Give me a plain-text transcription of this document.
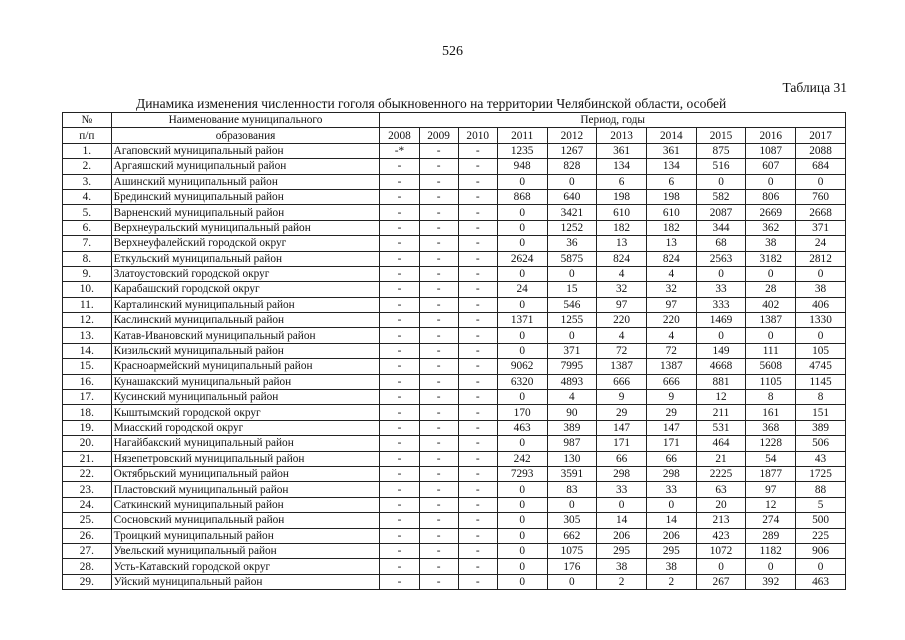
526
Таблица 31
Динамика изменения численности гоголя обыкновенного на территории Челябинской области, особей
№	Наименование муниципального	Период, годы									
п/п	образования	2008	2009	2010	2011	2012	2013	2014	2015	2016	2017
1.	Агаповский муниципальный район	-*	-	-	1235	1267	361	361	875	1087	2088
2.	Аргаяшский муниципальный район	-	-	-	948	828	134	134	516	607	684
3.	Ашинский муниципальный район	-	-	-	0	0	6	6	0	0	0
4.	Брединский муниципальный район	-	-	-	868	640	198	198	582	806	760
5.	Варненский муниципальный район	-	-	-	0	3421	610	610	2087	2669	2668
6.	Верхнеуральский муниципальный район	-	-	-	0	1252	182	182	344	362	371
7.	Верхнеуфалейский городской округ	-	-	-	0	36	13	13	68	38	24
8.	Еткульский муниципальный район	-	-	-	2624	5875	824	824	2563	3182	2812
9.	Златоустовский городской округ	-	-	-	0	0	4	4	0	0	0
10.	Карабашский городской округ	-	-	-	24	15	32	32	33	28	38
11.	Карталинский муниципальный район	-	-	-	0	546	97	97	333	402	406
12.	Каслинский муниципальный район	-	-	-	1371	1255	220	220	1469	1387	1330
13.	Катав-Ивановский муниципальный район	-	-	-	0	0	4	4	0	0	0
14.	Кизильский муниципальный район	-	-	-	0	371	72	72	149	111	105
15.	Красноармейский муниципальный район	-	-	-	9062	7995	1387	1387	4668	5608	4745
16.	Кунашакский муниципальный район	-	-	-	6320	4893	666	666	881	1105	1145
17.	Кусинский муниципальный район	-	-	-	0	4	9	9	12	8	8
18.	Кыштымский городской округ	-	-	-	170	90	29	29	211	161	151
19.	Миасский городской округ	-	-	-	463	389	147	147	531	368	389
20.	Нагайбакский муниципальный район	-	-	-	0	987	171	171	464	1228	506
21.	Нязепетровский муниципальный район	-	-	-	242	130	66	66	21	54	43
22.	Октябрьский муниципальный район	-	-	-	7293	3591	298	298	2225	1877	1725
23.	Пластовский муниципальный район	-	-	-	0	83	33	33	63	97	88
24.	Саткинский муниципальный район	-	-	-	0	0	0	0	20	12	5
25.	Сосновский муниципальный район	-	-	-	0	305	14	14	213	274	500
26.	Троицкий муниципальный район	-	-	-	0	662	206	206	423	289	225
27.	Увельский муниципальный район	-	-	-	0	1075	295	295	1072	1182	906
28.	Усть-Катавский городской округ	-	-	-	0	176	38	38	0	0	0
29.	Уйский муниципальный район	-	-	-	0	0	2	2	267	392	463
